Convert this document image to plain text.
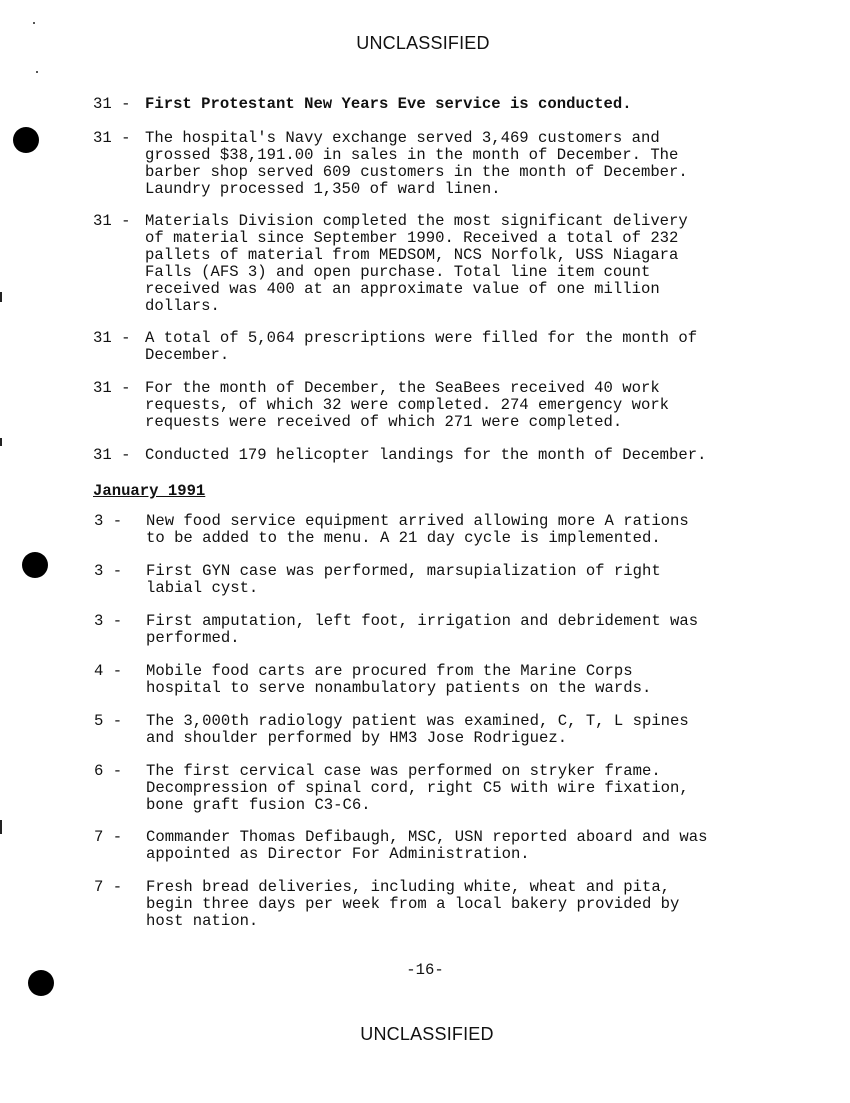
UNCLASSIFIED
31 - First Protestant New Years Eve service is conducted.
31 - The hospital's Navy exchange served 3,469 customers and
grossed $38,191.00 in sales in the month of December. The
barber shop served 609 customers in the month of December.
Laundry processed 1,350 of ward linen.
31 - Materials Division completed the most significant delivery
of material since September 1990. Received a total of 232
pallets of material from MEDSOM, NCS Norfolk, USS Niagara
Falls (AFS 3) and open purchase. Total line item count
received was 400 at an approximate value of one million
dollars.
31 - A total of 5,064 prescriptions were filled for the month of
December.
31 - For the month of December, the SeaBees received 40 work
requests, of which 32 were completed. 274 emergency work
requests were received of which 271 were completed.
31 - Conducted 179 helicopter landings for the month of December.
January 1991
3 - New food service equipment arrived allowing more A rations
to be added to the menu. A 21 day cycle is implemented.
3 - First GYN case was performed, marsupialization of right
labial cyst.
3 - First amputation, left foot, irrigation and debridement was
performed.
4 - Mobile food carts are procured from the Marine Corps
hospital to serve nonambulatory patients on the wards.
5 - The 3,000th radiology patient was examined, C, T, L spines
and shoulder performed by HM3 Jose Rodriguez.
6 - The first cervical case was performed on stryker frame.
Decompression of spinal cord, right C5 with wire fixation,
bone graft fusion C3-C6.
7 - Commander Thomas Defibaugh, MSC, USN reported aboard and was
appointed as Director For Administration.
7 - Fresh bread deliveries, including white, wheat and pita,
begin three days per week from a local bakery provided by
host nation.
-16-
UNCLASSIFIED
